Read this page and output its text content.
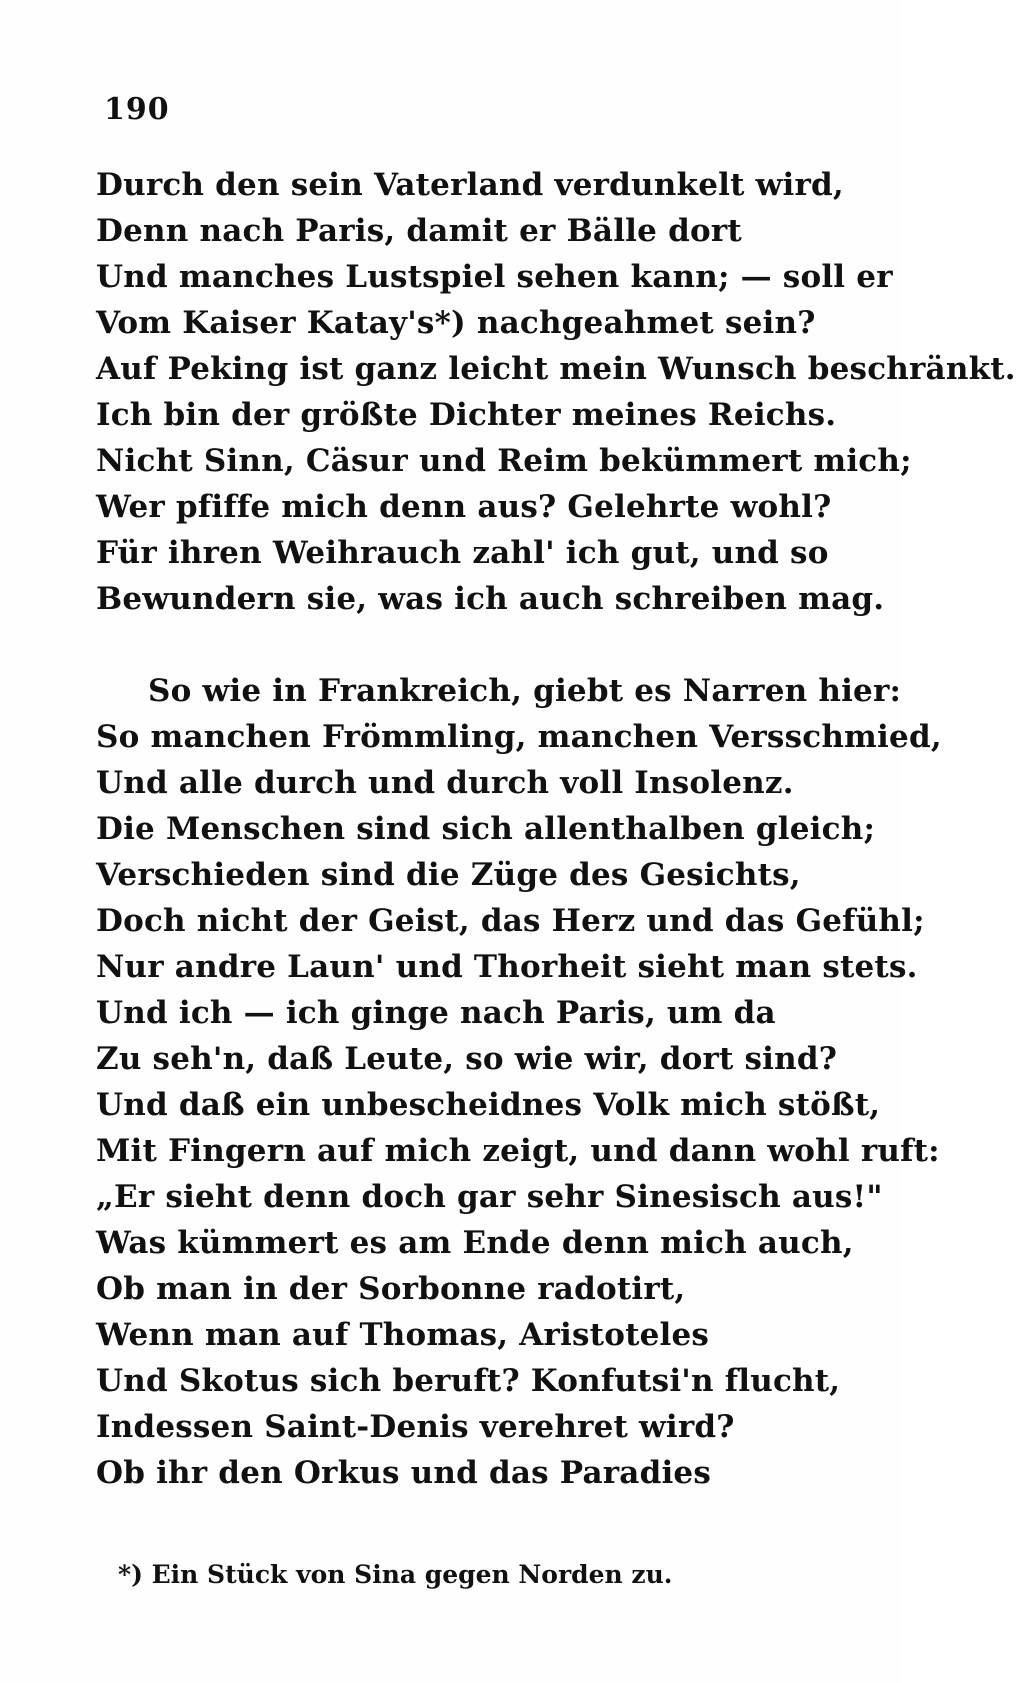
190
Durch den sein Vaterland verdunkelt wird,
Denn nach Paris, damit er Bälle dort
Und manches Lustspiel sehen kann; — soll er
Vom Kaiser Katay's*) nachgeahmet sein?
Auf Peking ist ganz leicht mein Wunsch beschränkt.
Ich bin der größte Dichter meines Reichs.
Nicht Sinn, Cäsur und Reim bekümmert mich;
Wer pfiffe mich denn aus? Gelehrte wohl?
Für ihren Weihrauch zahl' ich gut, und so
Bewundern sie, was ich auch schreiben mag.
So wie in Frankreich, giebt es Narren hier:
So manchen Frömmling, manchen Versschmied,
Und alle durch und durch voll Insolenz.
Die Menschen sind sich allenthalben gleich;
Verschieden sind die Züge des Gesichts,
Doch nicht der Geist, das Herz und das Gefühl;
Nur andre Laun' und Thorheit sieht man stets.
Und ich — ich ginge nach Paris, um da
Zu seh'n, daß Leute, so wie wir, dort sind?
Und daß ein unbescheidnes Volk mich stößt,
Mit Fingern auf mich zeigt, und dann wohl ruft:
„Er sieht denn doch gar sehr Sinesisch aus!"
Was kümmert es am Ende denn mich auch,
Ob man in der Sorbonne radotirt,
Wenn man auf Thomas, Aristoteles
Und Skotus sich beruft? Konfutsi'n flucht,
Indessen Saint-Denis verehret wird?
Ob ihr den Orkus und das Paradies
*) Ein Stück von Sina gegen Norden zu.
